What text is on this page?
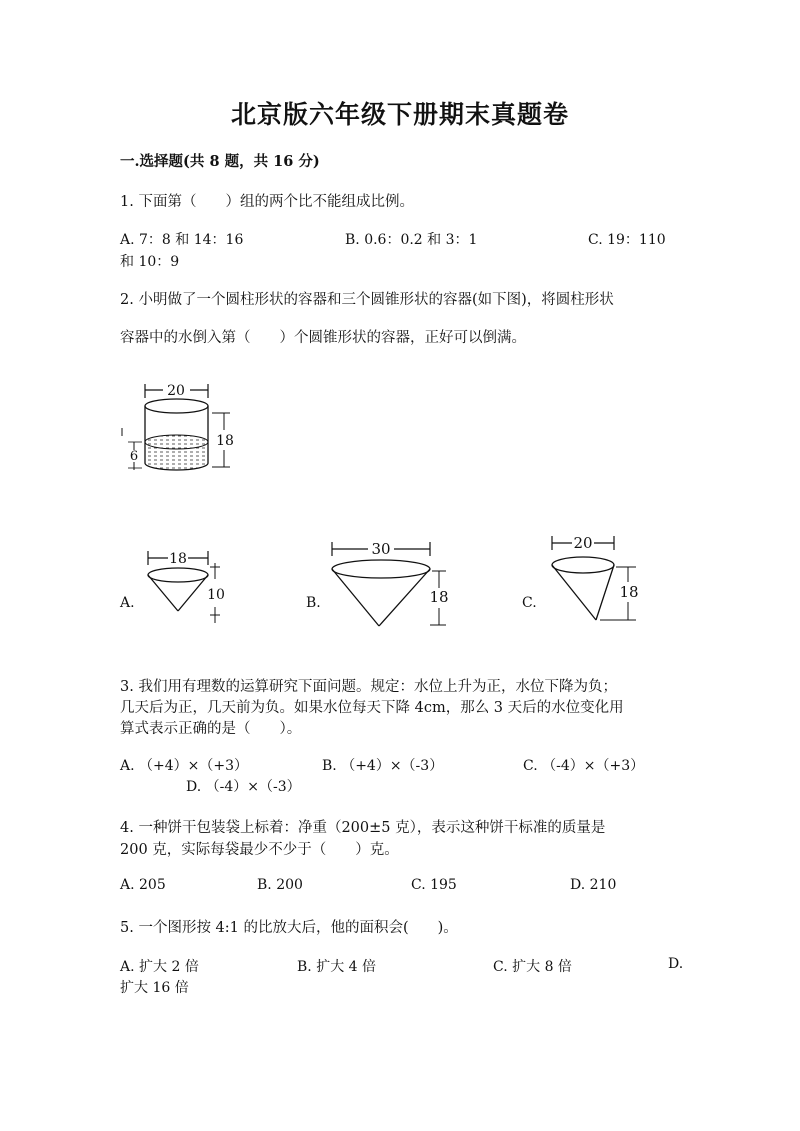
北京版六年级下册期末真题卷
一.选择题(共 8 题，共 16 分)
1. 下面第（　　）组的两个比不能组成比例。
A. 7：8 和 14：16	B. 0.6：0.2 和 3：1	C. 19：110
和 10：9
2. 小明做了一个圆柱形状的容器和三个圆锥形状的容器(如下图)，将圆柱形状
容器中的水倒入第（　　）个圆锥形状的容器，正好可以倒满。
20
18
6
A.
18
10	B.
30
18	C.
20
18
3. 我们用有理数的运算研究下面问题。规定：水位上升为正，水位下降为负；
几天后为正，几天前为负。如果水位每天下降 4cm，那么 3 天后的水位变化用
算式表示正确的是（　　）。
A. （+4）×（+3）	B. （+4）×（-3）	C. （-4）×（+3）
D. （-4）×（-3）
4. 一种饼干包装袋上标着：净重（200±5 克），表示这种饼干标准的质量是
200 克，实际每袋最少不少于（　　）克。
A. 205	B. 200	C. 195	D. 210
5. 一个图形按 4:1 的比放大后，他的面积会(　　)。
A. 扩大 2 倍	B. 扩大 4 倍	C. 扩大 8 倍	D.
扩大 16 倍
